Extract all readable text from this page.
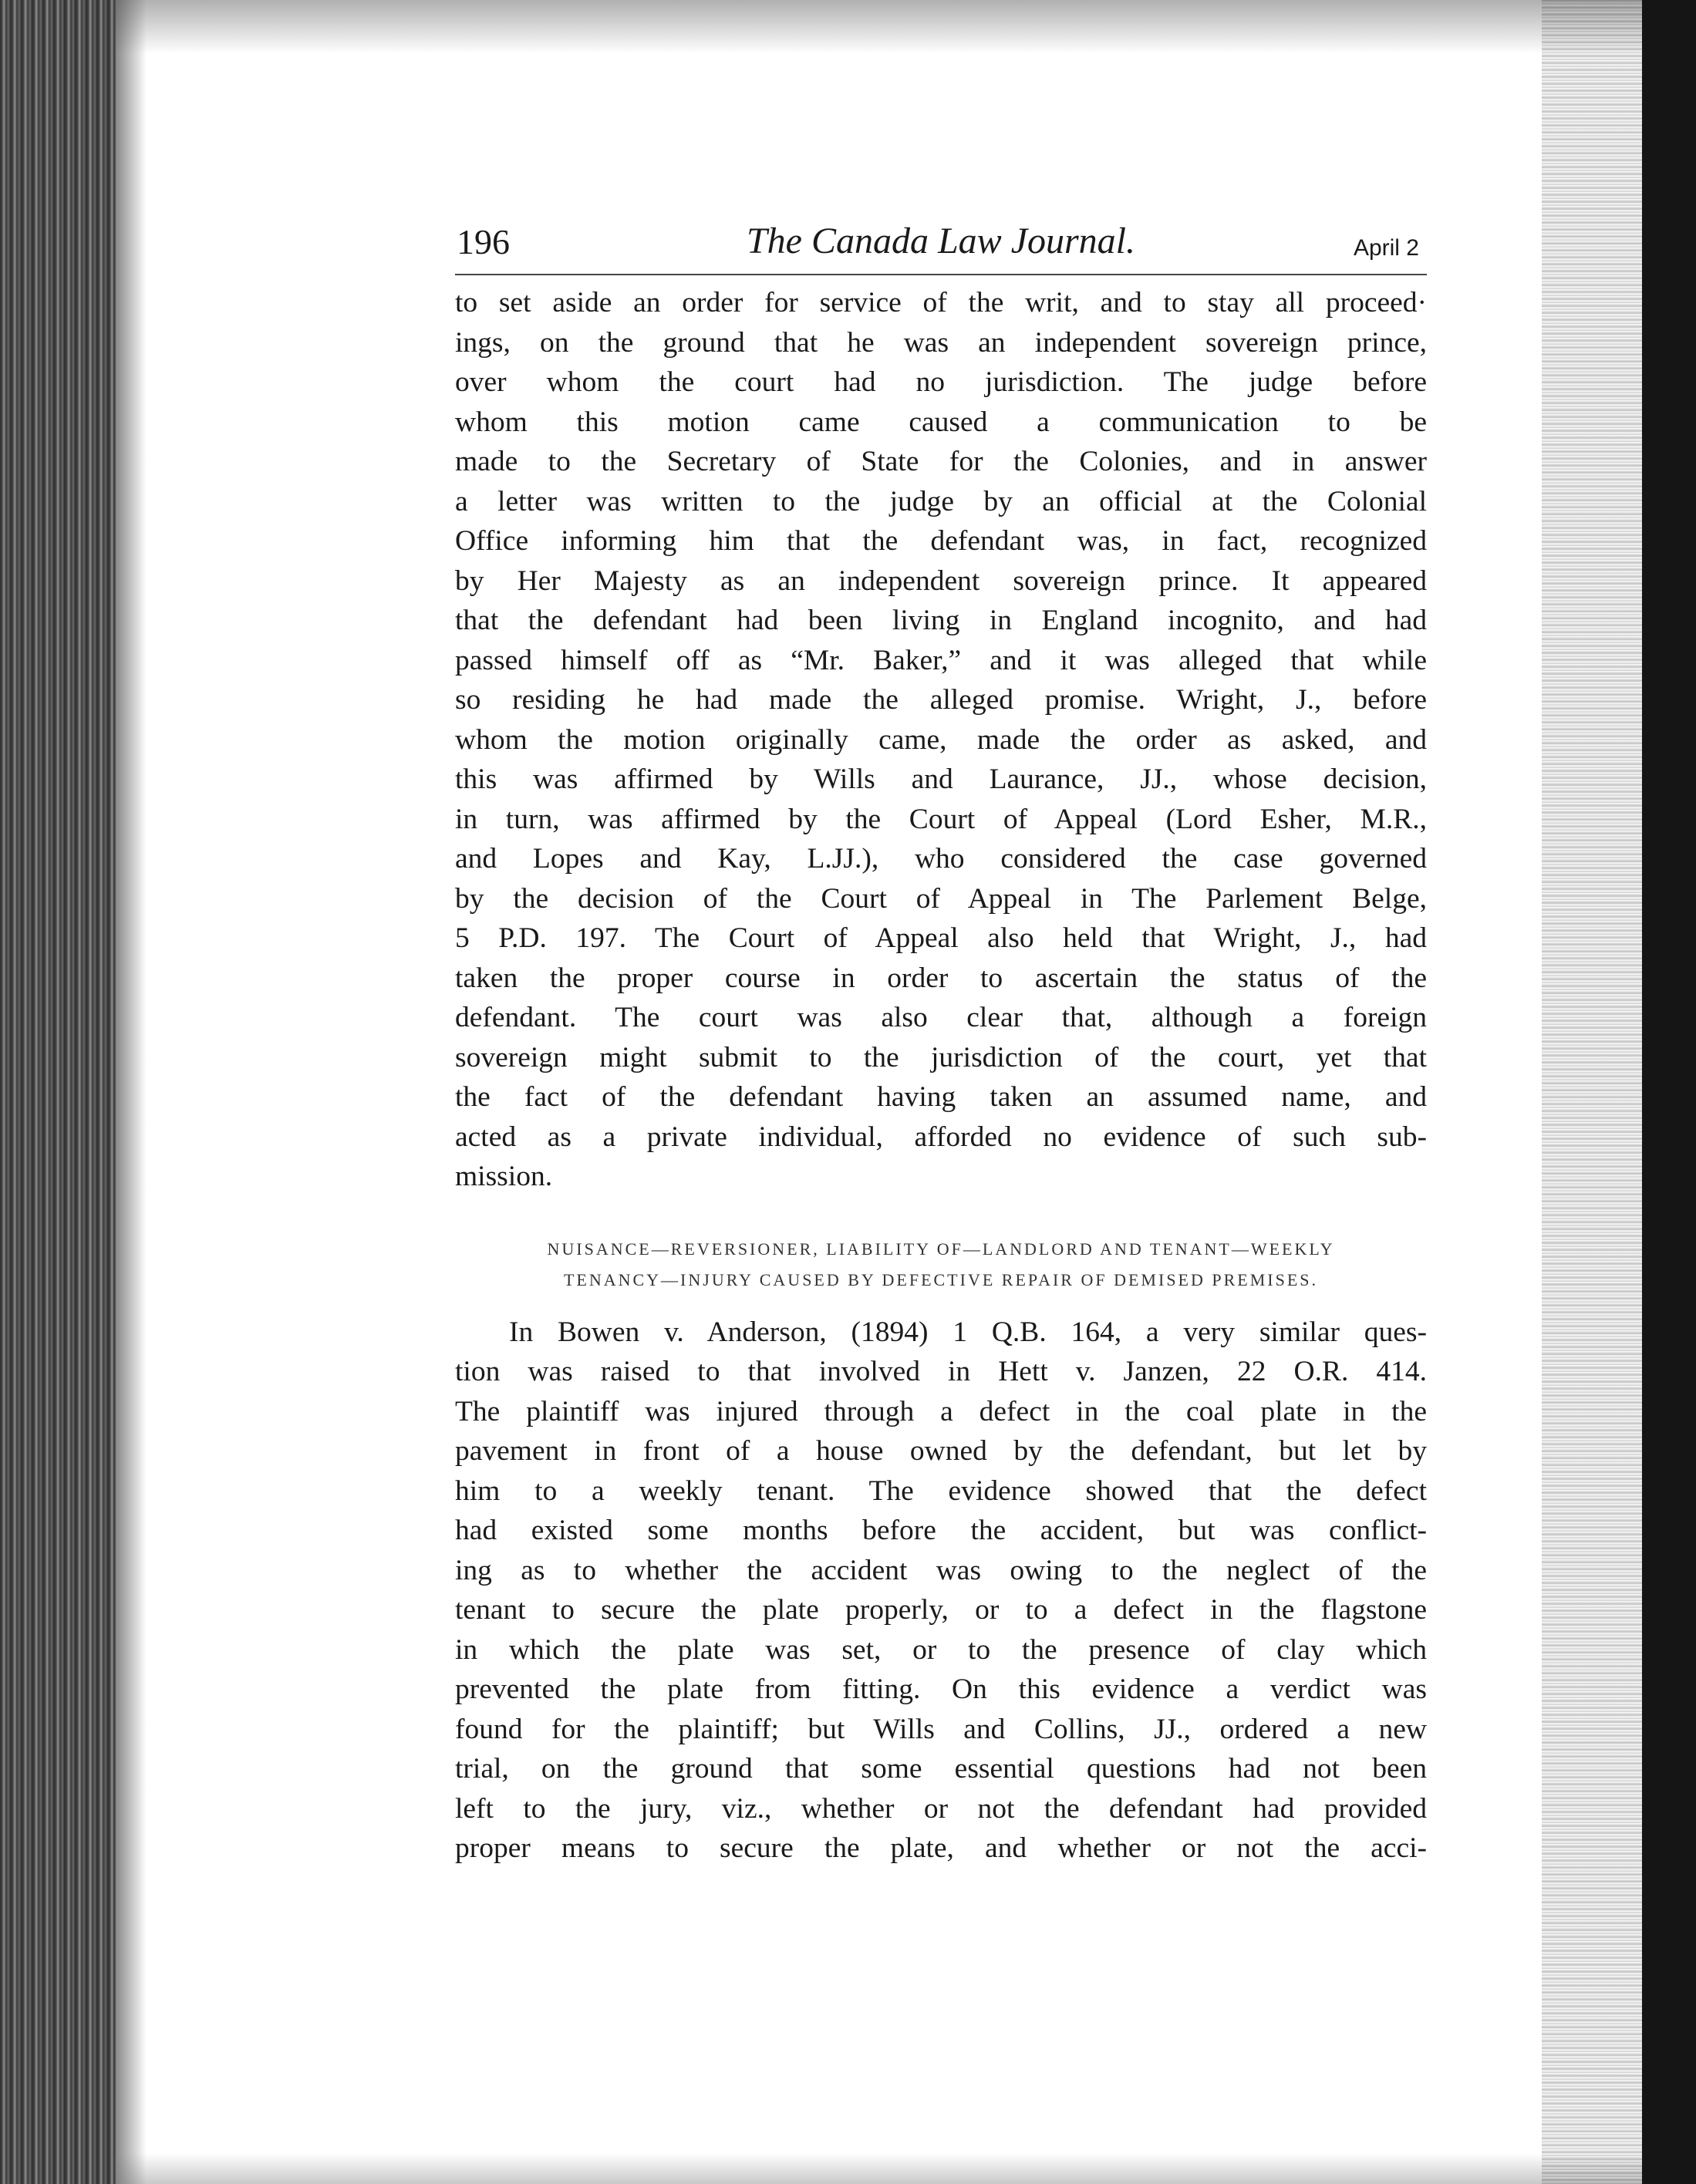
196	The Canada Law Journal.	April 2
to set aside an order for service of the writ, and to stay all proceed·
ings, on the ground that he was an independent sovereign prince,
over whom the court had no jurisdiction. The judge before
whom this motion came caused a communication to be
made to the Secretary of State for the Colonies, and in answer
a letter was written to the judge by an official at the Colonial
Office informing him that the defendant was, in fact, recognized
by Her Majesty as an independent sovereign prince. It appeared
that the defendant had been living in England incognito, and had
passed himself off as “Mr. Baker,” and it was alleged that while
so residing he had made the alleged promise. Wright, J., before
whom the motion originally came, made the order as asked, and
this was affirmed by Wills and Laurance, JJ., whose decision,
in turn, was affirmed by the Court of Appeal (Lord Esher, M.R.,
and Lopes and Kay, L.JJ.), who considered the case governed
by the decision of the Court of Appeal in The Parlement Belge,
5 P.D. 197. The Court of Appeal also held that Wright, J., had
taken the proper course in order to ascertain the status of the
defendant. The court was also clear that, although a foreign
sovereign might submit to the jurisdiction of the court, yet that
the fact of the defendant having taken an assumed name, and
acted as a private individual, afforded no evidence of such sub-
mission.
NUISANCE—REVERSIONER, LIABILITY OF—LANDLORD AND TENANT—WEEKLY
TENANCY—INJURY CAUSED BY DEFECTIVE REPAIR OF DEMISED PREMISES.
In Bowen v. Anderson, (1894) 1 Q.B. 164, a very similar ques-
tion was raised to that involved in Hett v. Janzen, 22 O.R. 414.
The plaintiff was injured through a defect in the coal plate in the
pavement in front of a house owned by the defendant, but let by
him to a weekly tenant. The evidence showed that the defect
had existed some months before the accident, but was conflict-
ing as to whether the accident was owing to the neglect of the
tenant to secure the plate properly, or to a defect in the flagstone
in which the plate was set, or to the presence of clay which
prevented the plate from fitting. On this evidence a verdict was
found for the plaintiff; but Wills and Collins, JJ., ordered a new
trial, on the ground that some essential questions had not been
left to the jury, viz., whether or not the defendant had provided
proper means to secure the plate, and whether or not the acci-
